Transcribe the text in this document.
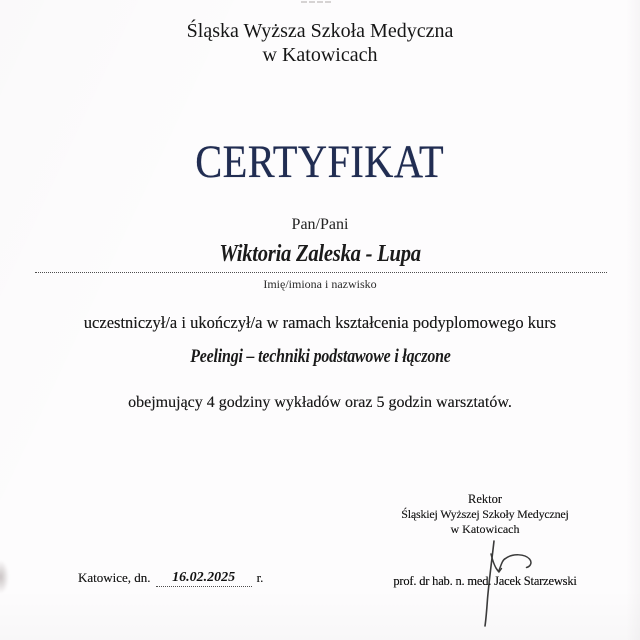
Śląska Wyższa Szkoła Medyczna
w Katowicach
CERTYFIKAT
Pan/Pani
Wiktoria Zaleska - Lupa
Imię/imiona i nazwisko
uczestniczył/a i ukończył/a w ramach kształcenia podyplomowego kurs
Peelingi – techniki podstawowe i łączone
obejmujący 4 godziny wykładów oraz 5 godzin warsztatów.
Rektor
Śląskiej Wyższej Szkoły Medycznej
w Katowicach
prof. dr hab. n. med. Jacek Starzewski
Katowice, dn.	16.02.2025	r.
